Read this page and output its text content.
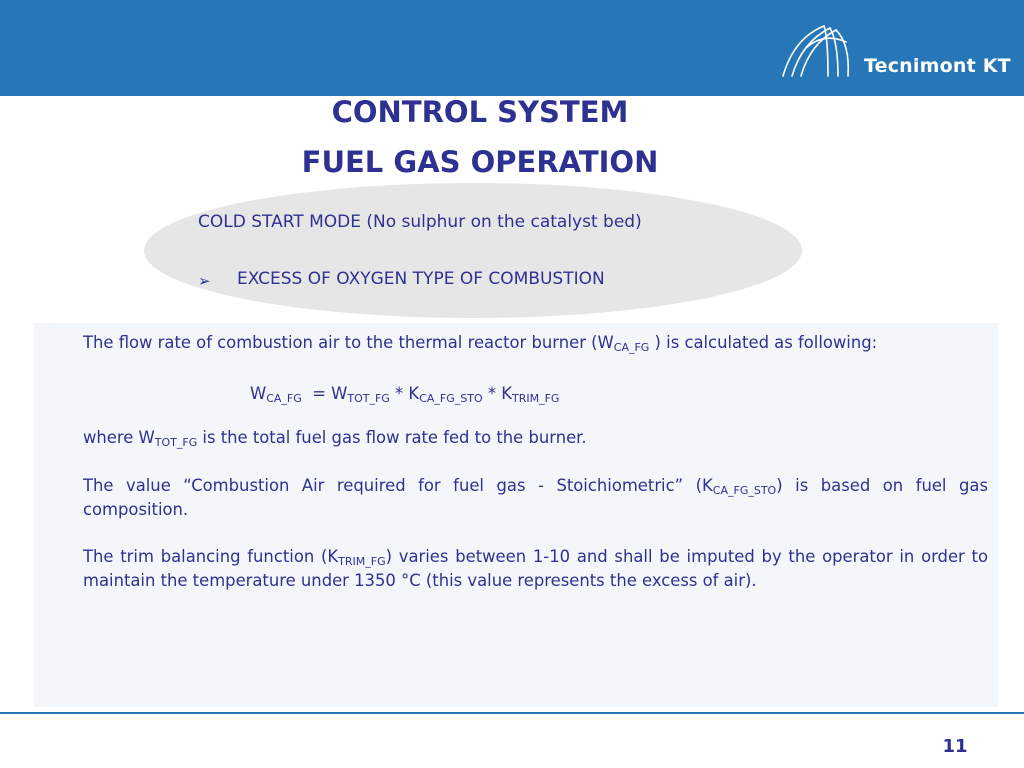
Tecnimont KT
CONTROL SYSTEM
FUEL GAS OPERATION
COLD START MODE (No sulphur on the catalyst bed)
➢ EXCESS OF OXYGEN TYPE OF COMBUSTION
The flow rate of combustion air to the thermal reactor burner ($W_{CA\_FG}$ ) is calculated as following:
$W_{CA\_FG} = W_{TOT\_FG} * K_{CA\_FG\_STO} * K_{TRIM\_FG}$
where $W_{TOT\_FG}$ is the total fuel gas flow rate fed to the burner.
The value “Combustion Air required for fuel gas - Stoichiometric” $(K_{CA\_FG\_STO})$ is based on fuel gas composition.
The trim balancing function $(K_{TRIM\_FG})$ varies between 1-10 and shall be imputed by the operator in order to maintain the temperature under 1350 °C (this value represents the excess of air).
11
